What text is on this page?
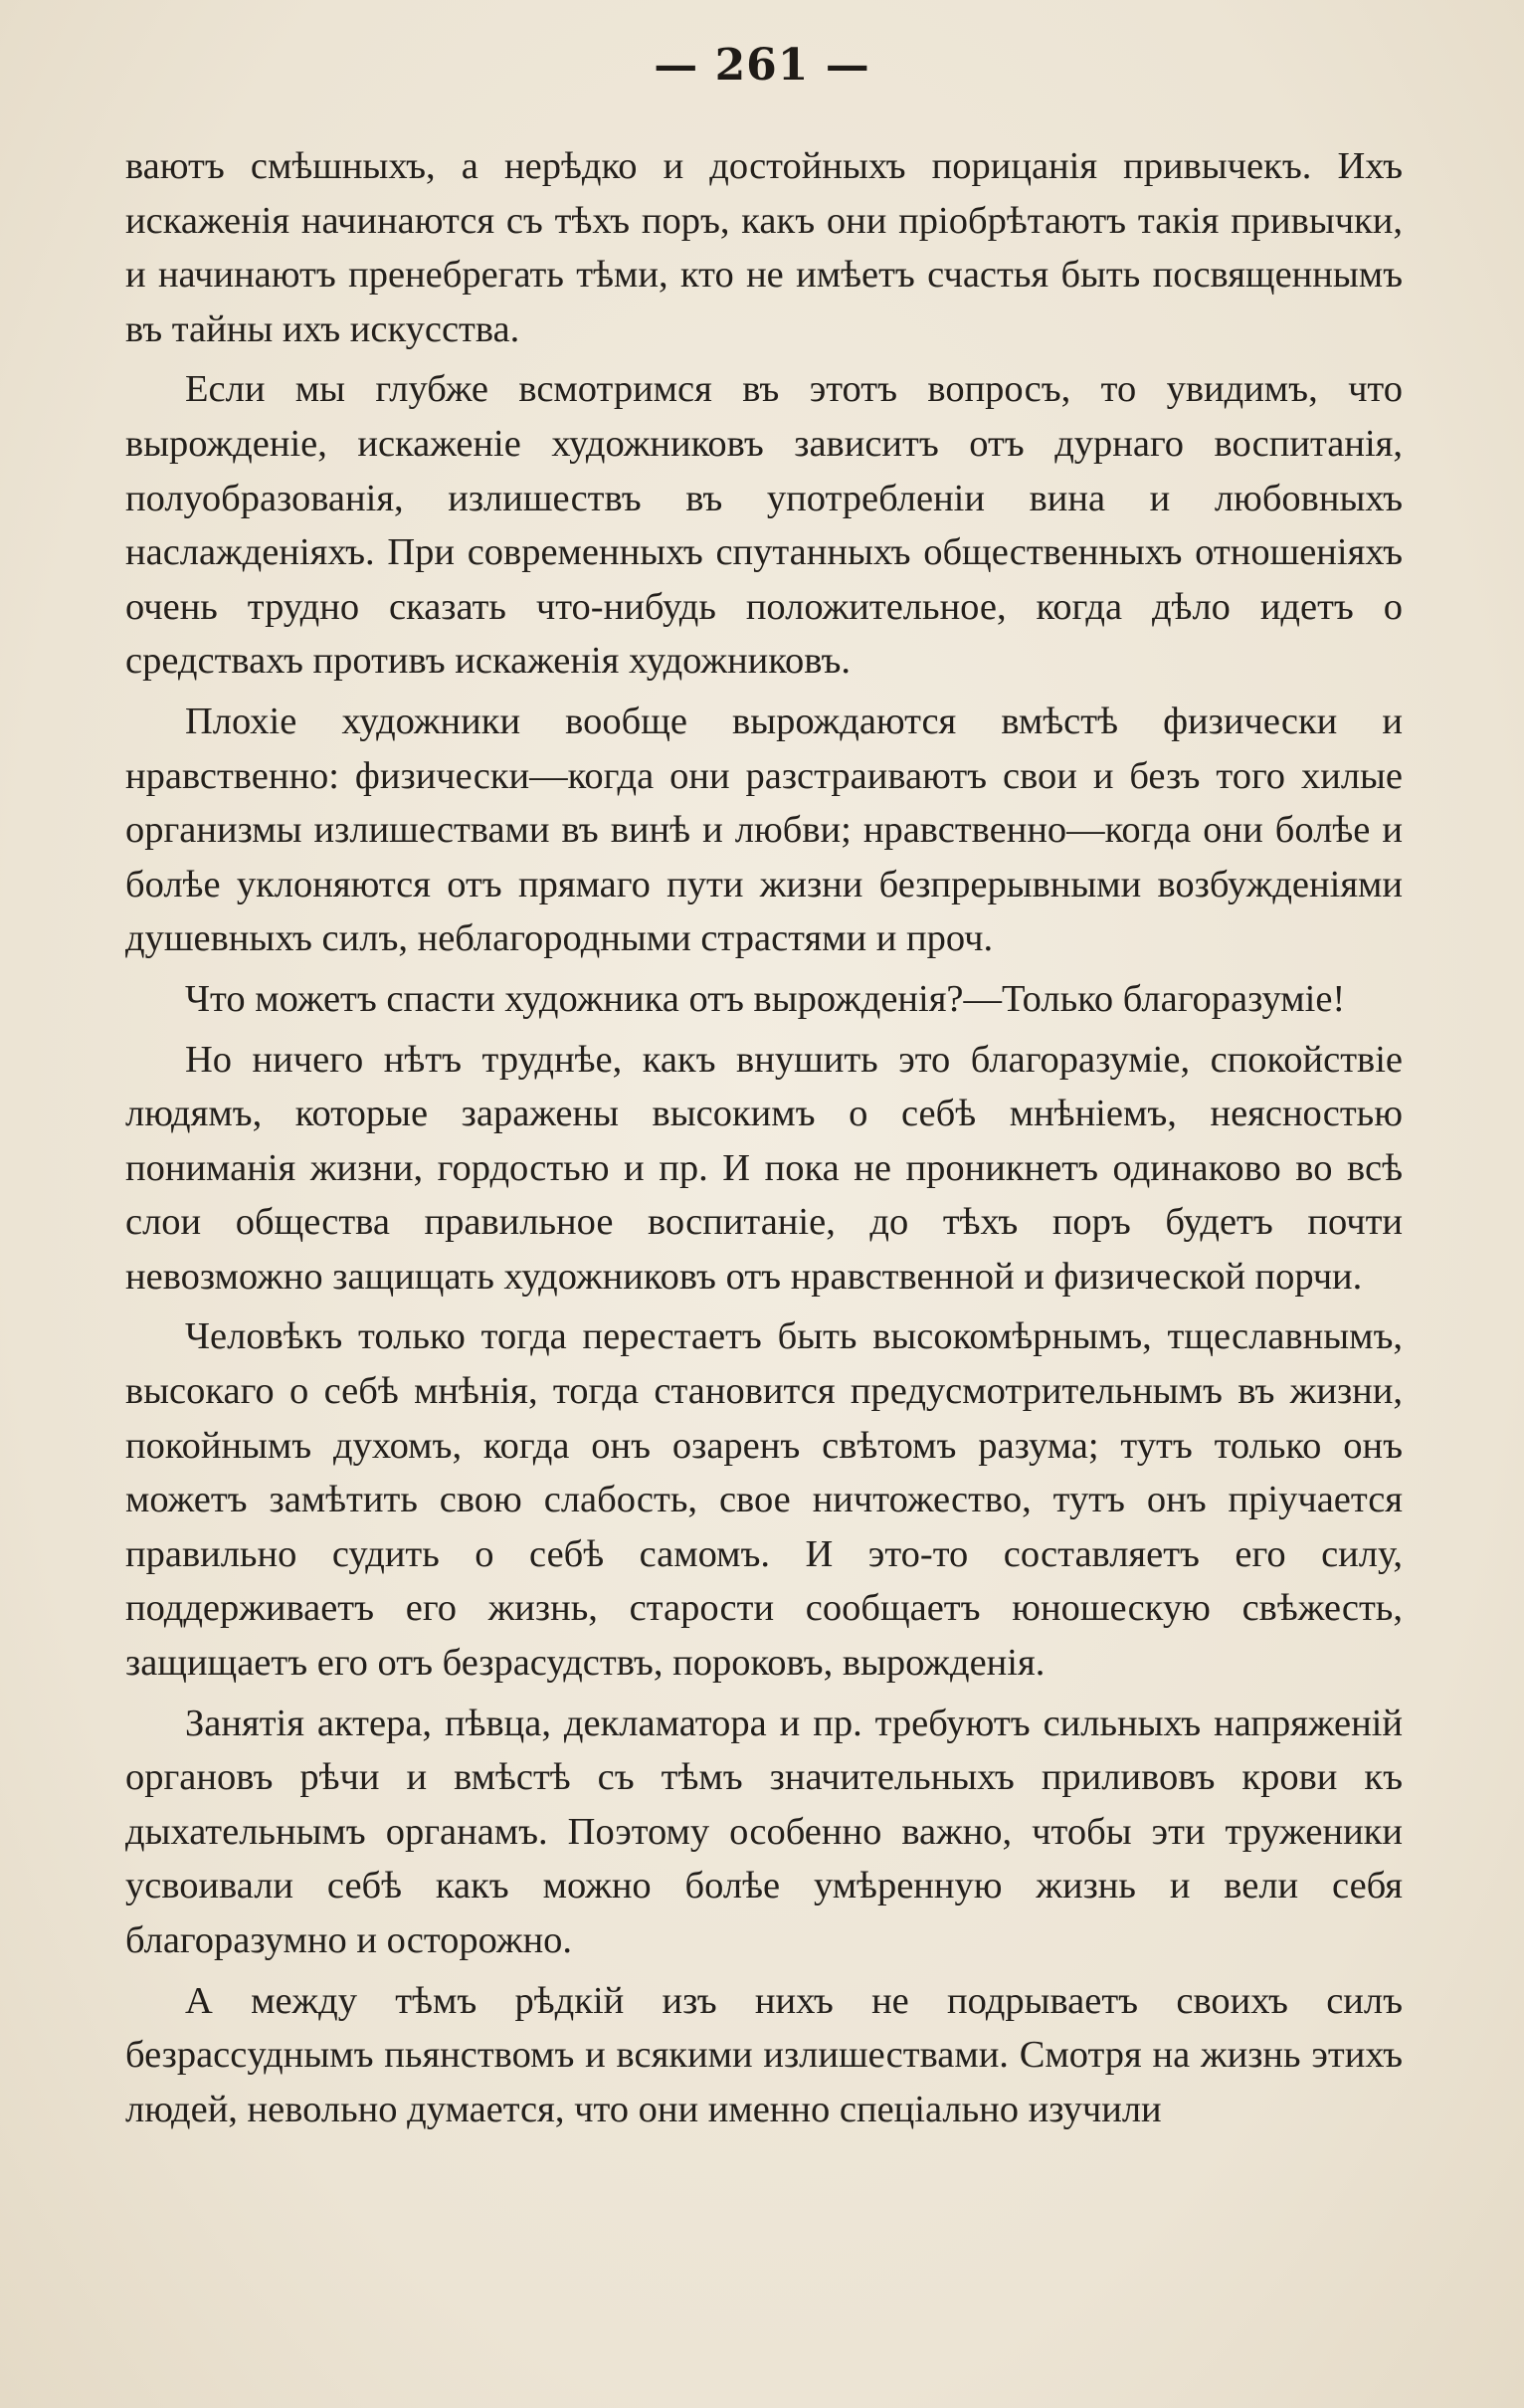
— 261 —

ваютъ смѣшныхъ, а нерѣдко и достойныхъ порицанія привычекъ. Ихъ искаженія начинаются съ тѣхъ поръ, какъ они пріобрѣтаютъ такія привычки, и начинаютъ пренебрегать тѣми, кто не имѣетъ счастья быть посвященнымъ въ тайны ихъ искусства.

Если мы глубже всмотримся въ этотъ вопросъ, то увидимъ, что вырожденіе, искаженіе художниковъ зависитъ отъ дурнаго воспитанія, полуобразованія, излишествъ въ употребленіи вина и любовныхъ наслажденіяхъ. При современныхъ спутанныхъ общественныхъ отношеніяхъ очень трудно сказать что-нибудь положительное, когда дѣло идетъ о средствахъ противъ искаженія художниковъ.

Плохіе художники вообще вырождаются вмѣстѣ физически и нравственно: физически—когда они разстраиваютъ свои и безъ того хилые организмы излишествами въ винѣ и любви; нравственно—когда они болѣе и болѣе уклоняются отъ прямаго пути жизни безпрерывными возбужденіями душевныхъ силъ, неблагородными страстями и проч.

Что можетъ спасти художника отъ вырожденія?—Только благоразуміе!

Но ничего нѣтъ труднѣе, какъ внушить это благоразуміе, спокойствіе людямъ, которые заражены высокимъ о себѣ мнѣніемъ, неясностью пониманія жизни, гордостью и пр. И пока не проникнетъ одинаково во всѣ слои общества правильное воспитаніе, до тѣхъ поръ будетъ почти невозможно защищать художниковъ отъ нравственной и физической порчи.

Человѣкъ только тогда перестаетъ быть высокомѣрнымъ, тщеславнымъ, высокаго о себѣ мнѣнія, тогда становится предусмотрительнымъ въ жизни, покойнымъ духомъ, когда онъ озаренъ свѣтомъ разума; тутъ только онъ можетъ замѣтить свою слабость, свое ничтожество, тутъ онъ пріучается правильно судить о себѣ самомъ. И это-то составляетъ его силу, поддерживаетъ его жизнь, старости сообщаетъ юношескую свѣжесть, защищаетъ его отъ безрасудствъ, пороковъ, вырожденія.

Занятія актера, пѣвца, декламатора и пр. требуютъ сильныхъ напряженій органовъ рѣчи и вмѣстѣ съ тѣмъ значительныхъ приливовъ крови къ дыхательнымъ органамъ. Поэтому особенно важно, чтобы эти труженики усвоивали себѣ какъ можно болѣе умѣренную жизнь и вели себя благоразумно и осторожно.

А между тѣмъ рѣдкій изъ нихъ не подрываетъ своихъ силъ безрасcуднымъ пьянствомъ и всякими излишествами. Смотря на жизнь этихъ людей, невольно думается, что они именно спеціально изучили
